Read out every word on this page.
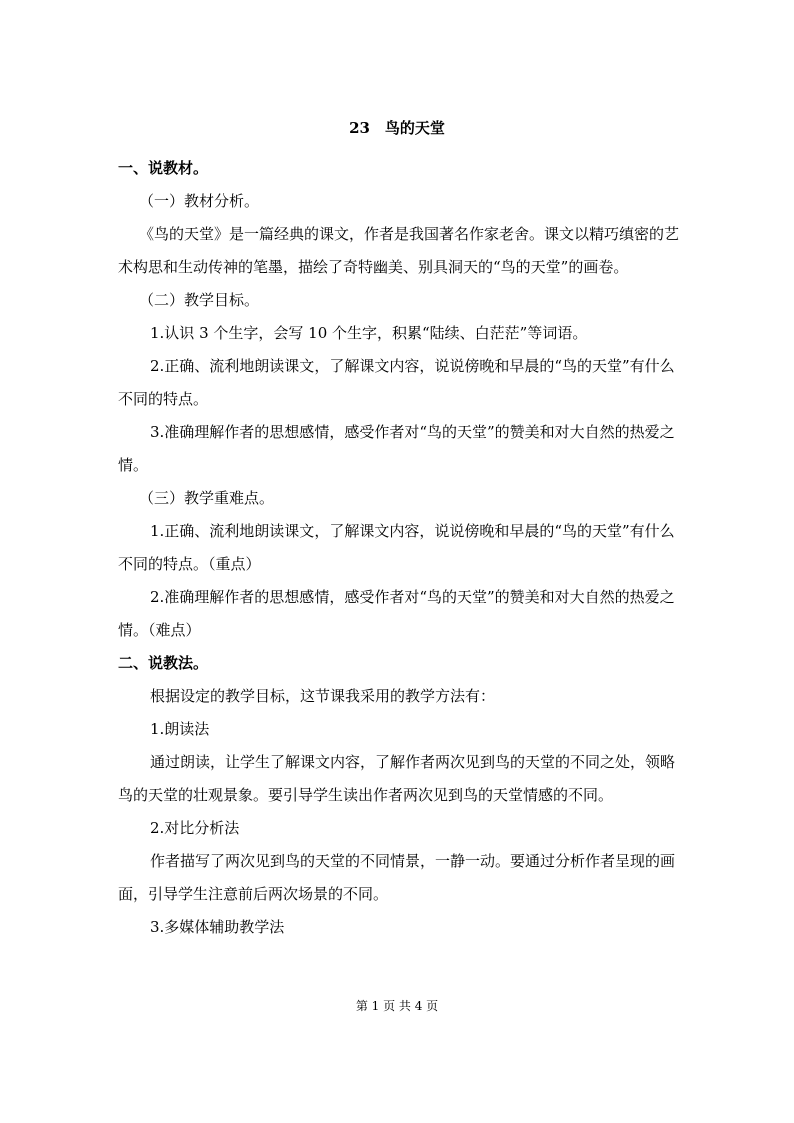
23　鸟的天堂

一、说教材。

（一）教材分析。

《鸟的天堂》是一篇经典的课文，作者是我国著名作家老舍。课文以精巧缜密的艺术构思和生动传神的笔墨，描绘了奇特幽美、别具洞天的“鸟的天堂”的画卷。

（二）教学目标。

1.认识 3 个生字，会写 10 个生字，积累“陆续、白茫茫”等词语。

2.正确、流利地朗读课文，了解课文内容，说说傍晚和早晨的“鸟的天堂”有什么不同的特点。

3.准确理解作者的思想感情，感受作者对“鸟的天堂”的赞美和对大自然的热爱之情。

（三）教学重难点。

1.正确、流利地朗读课文，了解课文内容，说说傍晚和早晨的“鸟的天堂”有什么不同的特点。（重点）

2.准确理解作者的思想感情，感受作者对“鸟的天堂”的赞美和对大自然的热爱之情。（难点）

二、说教法。

根据设定的教学目标，这节课我采用的教学方法有：

1.朗读法

通过朗读，让学生了解课文内容，了解作者两次见到鸟的天堂的不同之处，领略鸟的天堂的壮观景象。要引导学生读出作者两次见到鸟的天堂情感的不同。

2.对比分析法

作者描写了两次见到鸟的天堂的不同情景，一静一动。要通过分析作者呈现的画面，引导学生注意前后两次场景的不同。

3.多媒体辅助教学法

第 1 页 共 4 页
